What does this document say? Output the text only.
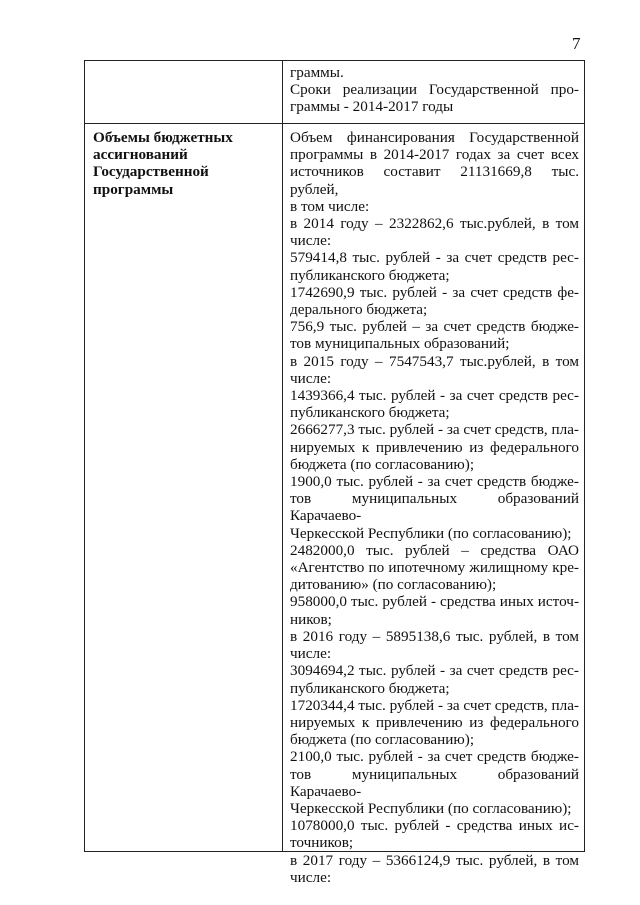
7
граммы.
Сроки реализации Государственной про-
граммы - 2014-2017 годы
Объемы бюджетных
ассигнований
Государственной
программы
Объем финансирования Государственной
программы в 2014-2017 годах за счет всех
источников составит 21131669,8 тыс. рублей,
в том числе:
в 2014 году – 2322862,6 тыс.рублей, в том
числе:
579414,8 тыс. рублей - за счет средств рес-
публиканского бюджета;
1742690,9 тыс. рублей - за счет средств фе-
дерального бюджета;
756,9 тыс. рублей – за счет средств бюдже-
тов муниципальных образований;
в 2015 году – 7547543,7 тыс.рублей, в том
числе:
1439366,4 тыс. рублей - за счет средств рес-
публиканского бюджета;
2666277,3 тыс. рублей - за счет средств, пла-
нируемых к привлечению из федерального
бюджета (по согласованию);
1900,0 тыс. рублей - за счет средств бюдже-
тов муниципальных образований Карачаево-
Черкесской Республики (по согласованию);
2482000,0 тыс. рублей – средства ОАО
«Агентство по ипотечному жилищному кре-
дитованию» (по согласованию);
958000,0 тыс. рублей - средства иных источ-
ников;
в 2016 году – 5895138,6 тыс. рублей, в том
числе:
3094694,2 тыс. рублей - за счет средств рес-
публиканского бюджета;
1720344,4 тыс. рублей - за счет средств, пла-
нируемых к привлечению из федерального
бюджета (по согласованию);
2100,0 тыс. рублей - за счет средств бюдже-
тов муниципальных образований Карачаево-
Черкесской Республики (по согласованию);
1078000,0 тыс. рублей - средства иных ис-
точников;
в 2017 году – 5366124,9 тыс. рублей, в том
числе:
